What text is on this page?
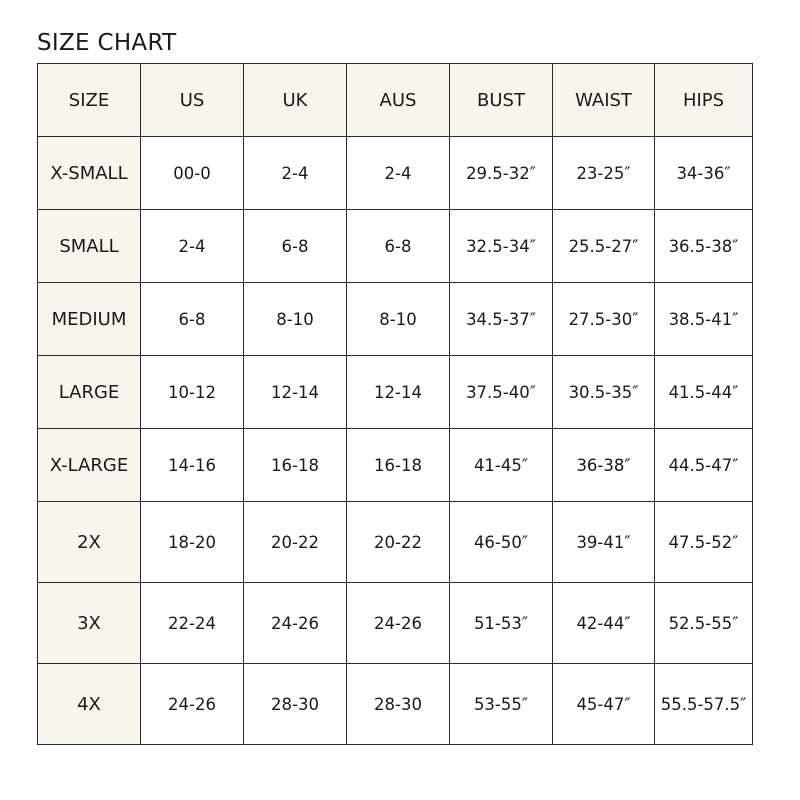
SIZE CHART
SIZE	US	UK	AUS	BUST	WAIST	HIPS
X-SMALL	00-0	2-4	2-4	29.5-32″	23-25″	34-36″
SMALL	2-4	6-8	6-8	32.5-34″	25.5-27″	36.5-38″
MEDIUM	6-8	8-10	8-10	34.5-37″	27.5-30″	38.5-41″
LARGE	10-12	12-14	12-14	37.5-40″	30.5-35″	41.5-44″
X-LARGE	14-16	16-18	16-18	41-45″	36-38″	44.5-47″
2X	18-20	20-22	20-22	46-50″	39-41″	47.5-52″
3X	22-24	24-26	24-26	51-53″	42-44″	52.5-55″
4X	24-26	28-30	28-30	53-55″	45-47″	55.5-57.5″
